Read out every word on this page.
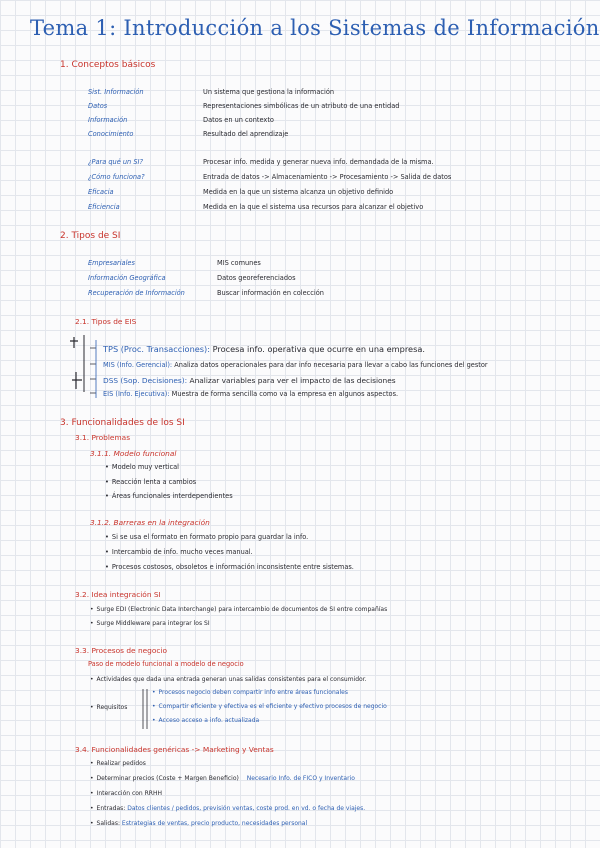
Tema 1: Introducción a los Sistemas de Información
1. Conceptos básicos
Sist. Información	Un sistema que gestiona la información
Datos	Representaciones simbólicas de un atributo de una entidad
Información	Datos en un contexto
Conocimiento	Resultado del aprendizaje
¿Para qué un SI?	Procesar info. medida y generar nueva info. demandada de la misma.
¿Cómo funciona?	Entrada de datos -> Almacenamiento -> Procesamiento -> Salida de datos
Eficacia	Medida en la que un sistema alcanza un objetivo definido
Eficiencia	Medida en la que el sistema usa recursos para alcanzar el objetivo
2. Tipos de SI
Empresariales	MIS comunes
Información Geográfica	Datos georeferenciados
Recuperación de Información	Buscar información en colección
2.1. Tipos de EIS
TPS (Proc. Transacciones): Procesa info. operativa que ocurre en una empresa.
MIS (Info. Gerencial): Analiza datos operacionales para dar info necesaria para llevar a cabo las funciones del gestor
DSS (Sop. Decisiones): Analizar variables para ver el impacto de las decisiones
EIS (Info. Ejecutiva): Muestra de forma sencilla como va la empresa en algunos aspectos.
3. Funcionalidades de los SI
3.1. Problemas
3.1.1. Modelo funcional
• Modelo muy vertical
• Reacción lenta a cambios
• Áreas funcionales interdependientes
3.1.2. Barreras en la integración
• Si se usa el formato en formato propio para guardar la info.
• Intercambio de info. mucho veces manual.
• Procesos costosos, obsoletos e información inconsistente entre sistemas.
3.2. Idea integración SI
• Surge EDI (Electronic Data Interchange) para intercambio de documentos de SI entre compañías
• Surge Middleware para integrar los SI
3.3. Procesos de negocio
Paso de modelo funcional a modelo de negocio
• Actividades que dada una entrada generan unas salidas consistentes para el consumidor.
• Requisitos
• Procesos negocio deben compartir info entre áreas funcionales
• Compartir eficiente y efectiva es el eficiente y efectivo procesos de negocio
• Acceso acceso a info. actualizada
3.4. Funcionalidades genéricas -> Marketing y Ventas
• Realizar pedidos
• Determinar precios (Coste + Margen Beneficio) Necesario Info. de FICO y Inventario
• Interacción con RRHH
• Entradas: Datos clientes / pedidos, previsión ventas, coste prod. en vd. o fecha de viajes.
• Salidas: Estrategias de ventas, precio producto, necesidades personal
